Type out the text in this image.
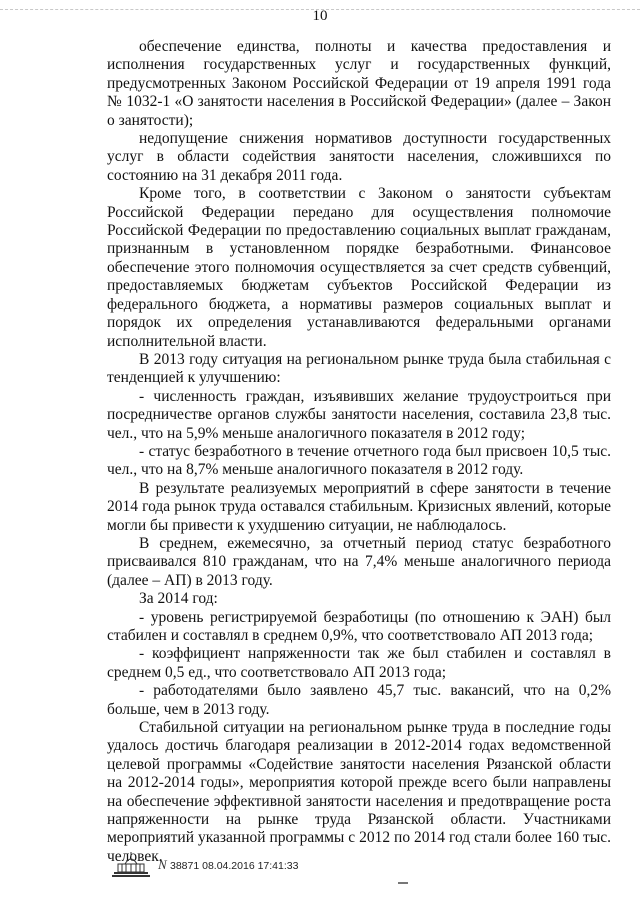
10

обеспечение единства, полноты и качества предоставления и исполнения государственных услуг и государственных функций, предусмотренных Законом Российской Федерации от 19 апреля 1991 года № 1032-1 «О занятости населения в Российской Федерации» (далее – Закон о занятости);

недопущение снижения нормативов доступности государственных услуг в области содействия занятости населения, сложившихся по состоянию на 31 декабря 2011 года.

Кроме того, в соответствии с Законом о занятости субъектам Российской Федерации передано для осуществления полномочие Российской Федерации по предоставлению социальных выплат гражданам, признанным в установленном порядке безработными. Финансовое обеспечение этого полномочия осуществляется за счет средств субвенций, предоставляемых бюджетам субъектов Российской Федерации из федерального бюджета, а нормативы размеров социальных выплат и порядок их определения устанавливаются федеральными органами исполнительной власти.

В 2013 году ситуация на региональном рынке труда была стабильная с тенденцией к улучшению:

- численность граждан, изъявивших желание трудоустроиться при посредничестве органов службы занятости населения, составила 23,8 тыс. чел., что на 5,9% меньше аналогичного показателя в 2012 году;

- статус безработного в течение отчетного года был присвоен 10,5 тыс. чел., что на 8,7% меньше аналогичного показателя в 2012 году.

В результате реализуемых мероприятий в сфере занятости в течение 2014 года рынок труда оставался стабильным. Кризисных явлений, которые могли бы привести к ухудшению ситуации, не наблюдалось.

В среднем, ежемесячно, за отчетный период статус безработного присваивался 810 гражданам, что на 7,4% меньше аналогичного периода (далее – АП) в 2013 году.

За 2014 год:

- уровень регистрируемой безработицы (по отношению к ЭАН) был стабилен и составлял в среднем 0,9%, что соответствовало АП 2013 года;

- коэффициент напряженности так же был стабилен и составлял в среднем 0,5 ед., что соответствовало АП 2013 года;

- работодателями было заявлено 45,7 тыс. вакансий, что на 0,2% больше, чем в 2013 году.

Стабильной ситуации на региональном рынке труда в последние годы удалось достичь благодаря реализации в 2012-2014 годах ведомственной целевой программы «Содействие занятости населения Рязанской области на 2012-2014 годы», мероприятия которой прежде всего были направлены на обеспечение эффективной занятости населения и предотвращение роста напряженности на рынке труда Рязанской области. Участниками мероприятий указанной программы с 2012 по 2014 год стали более 160 тыс. человек.

N 38871 08.04.2016 17:41:33
